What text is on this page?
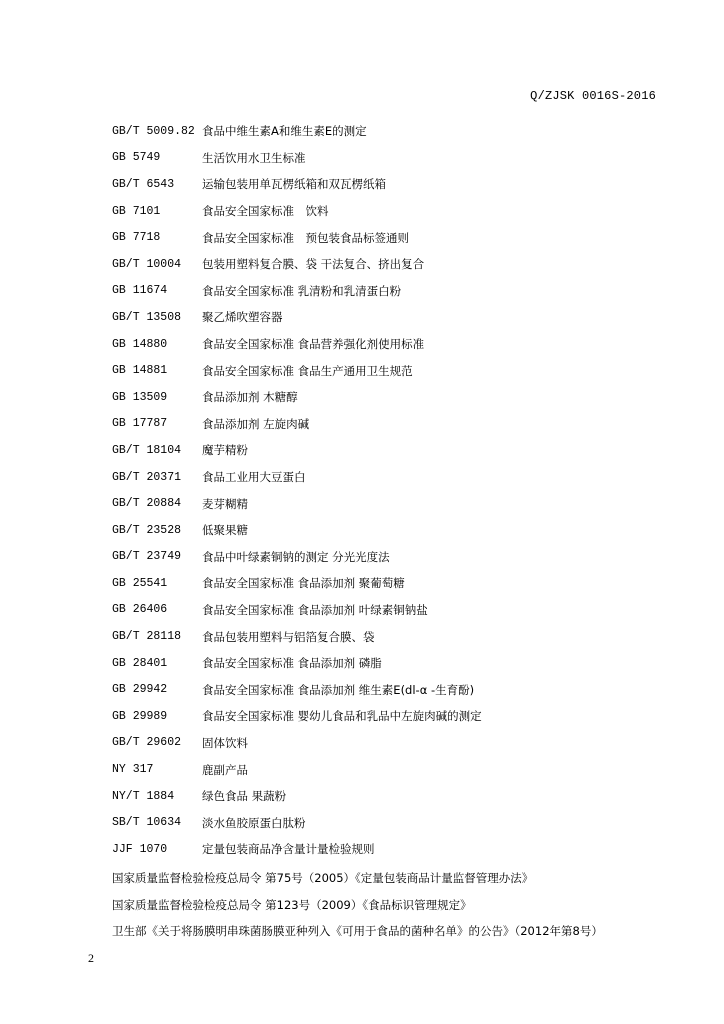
Q/ZJSK 0016S-2016
GB/T 5009.82 食品中维生素A和维生素E的测定
GB 5749	生活饮用水卫生标准
GB/T 6543	运输包装用单瓦楞纸箱和双瓦楞纸箱
GB 7101	食品安全国家标准　饮料
GB 7718	食品安全国家标准　预包装食品标签通则
GB/T 10004	包装用塑料复合膜、袋 干法复合、挤出复合
GB 11674	食品安全国家标准 乳清粉和乳清蛋白粉
GB/T 13508	聚乙烯吹塑容器
GB 14880	食品安全国家标准 食品营养强化剂使用标准
GB 14881	食品安全国家标准 食品生产通用卫生规范
GB 13509	食品添加剂 木糖醇
GB 17787	食品添加剂 左旋肉碱
GB/T 18104	魔芋精粉
GB/T 20371	食品工业用大豆蛋白
GB/T 20884	麦芽糊精
GB/T 23528	低聚果糖
GB/T 23749	食品中叶绿素铜钠的测定 分光光度法
GB 25541	食品安全国家标准 食品添加剂 聚葡萄糖
GB 26406	食品安全国家标准 食品添加剂 叶绿素铜钠盐
GB/T 28118	食品包装用塑料与铝箔复合膜、袋
GB 28401	食品安全国家标准 食品添加剂 磷脂
GB 29942	食品安全国家标准 食品添加剂 维生素E(dl-α -生育酚)
GB 29989	食品安全国家标准 婴幼儿食品和乳品中左旋肉碱的测定
GB/T 29602	固体饮料
NY 317	鹿副产品
NY/T 1884	绿色食品 果蔬粉
SB/T 10634	淡水鱼胶原蛋白肽粉
JJF 1070	定量包装商品净含量计量检验规则
国家质量监督检验检疫总局令 第75号（2005）《定量包装商品计量监督管理办法》
国家质量监督检验检疫总局令 第123号（2009）《食品标识管理规定》
卫生部《关于将肠膜明串珠菌肠膜亚种列入《可用于食品的菌种名单》的公告》（2012年第8号）
2
